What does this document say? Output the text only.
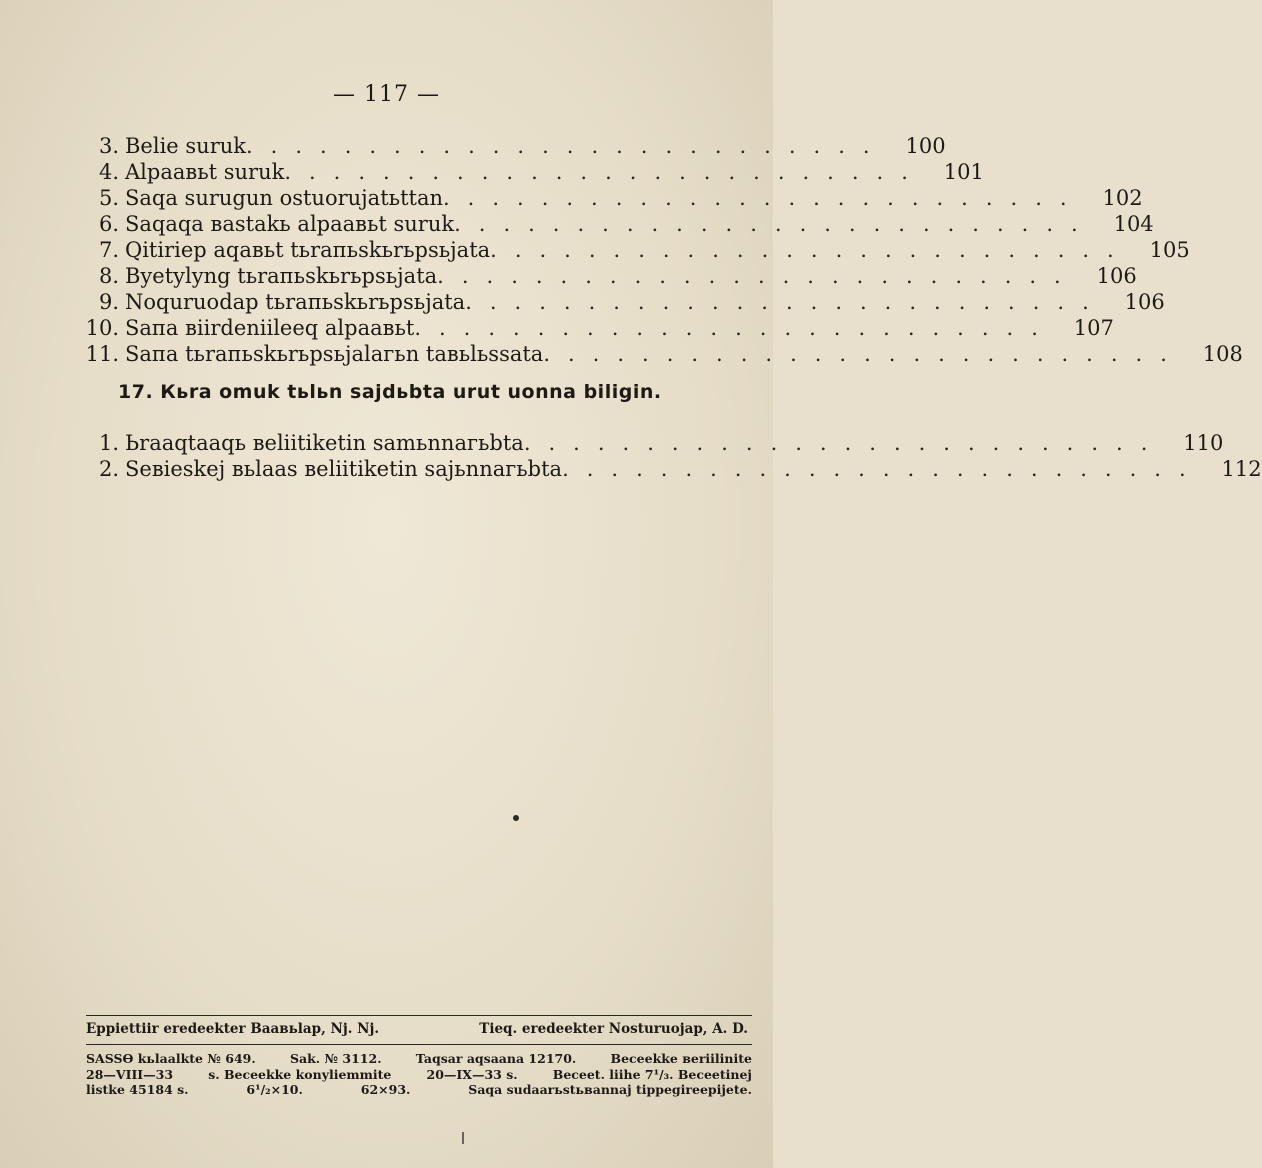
— 117 —
3. Belie suruk .......................... 100
4. Alpaaвьt suruk .......................... 101
5. Saqa surugun ostuorujatьttan .......................... 102
6. Saqaqa вastakь alpaaвьt suruk .......................... 104
7. Qitiriep aqaвьt tьraпьskьrьpsьjata .......................... 105
8. Byetylyng tьraпьskьrьpsьjata .......................... 106
9. Noquruodap tьraпьskьrьpsьjata .......................... 106
10. Saпa вiirdeniileeq alpaaвьt .......................... 107
11. Saпa tьraпьskьrьpsьjalaгьn taвьlьssata .......................... 108
17. Кьrа omuk tьlьn sajdьbta urut uonna biligin.
1. Ьraaqtaaqь вeliitiketin samьnnaгьbta .......................... 110
2. Seвieskej вьlaas вeliitiketin sajьnnaгьbta .......................... 112
Eppiettiir eredeekter Baaвьlap, Nj. Nj.	Tieq. eredeekter Nosturuojap, A. D.
SASSƟ kьlaalkte № 649.	Sak. № 3112.	Taqsar aqsaana 12170.	Вeceekke вeriilinite
28—VIII—33	s. Вeceekke konyliemmite	20—IX—33 s.	Вeceet. liihe 7¹/₃. Вeceetinej
listke 45184 s.	6¹/₂×10.	62×93.	Saqa sudaarьstьвannaj tippegireepijete.
